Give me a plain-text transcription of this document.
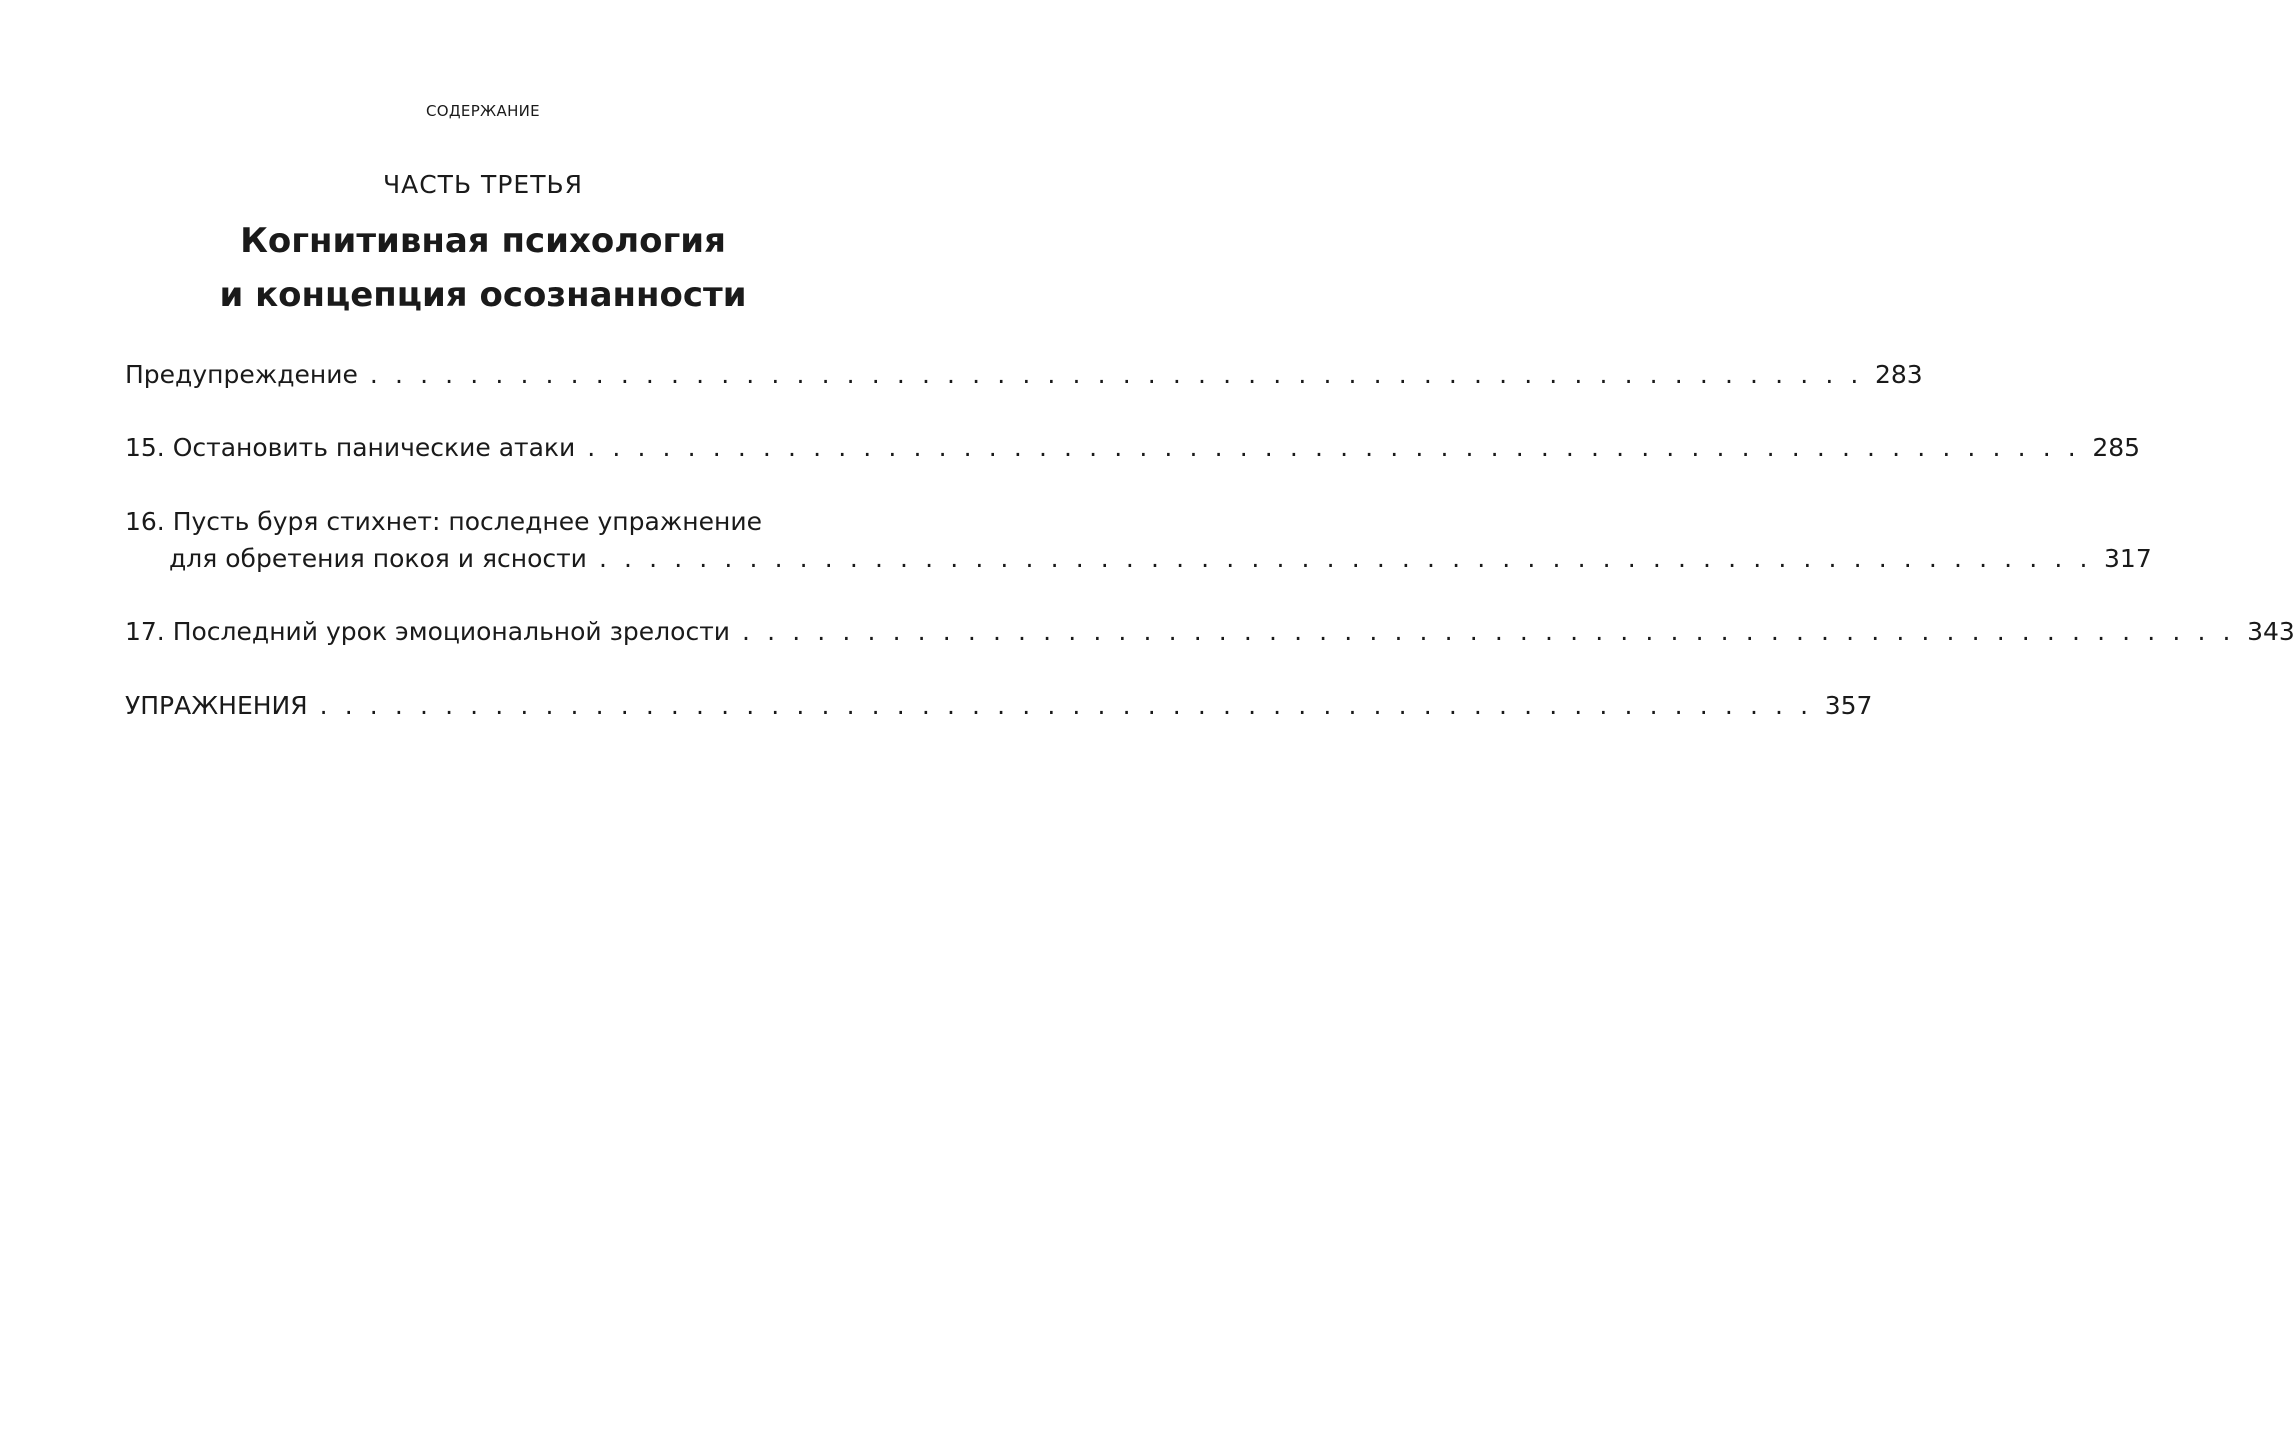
СОДЕРЖАНИЕ
ЧАСТЬ ТРЕТЬЯ
Когнитивная психология
и концепция осознанности
Предупреждение . . . . . . . . . . . . . . . . . . . . . . . . . . . . . . . . . . . . . . . . . . . . . . . . . . . . . . . . . . . . 283
15. Остановить панические атаки . . . . . . . . . . . . . . . . . . . . . . . . . . . . . . . . . . . . . . . . . . . . . . . . . . . . . . . . . . . . 285
16. Пусть буря стихнет: последнее упражнение
для обретения покоя и ясности . . . . . . . . . . . . . . . . . . . . . . . . . . . . . . . . . . . . . . . . . . . . . . . . . . . . . . . . . . . . 317
17. Последний урок эмоциональной зрелости . . . . . . . . . . . . . . . . . . . . . . . . . . . . . . . . . . . . . . . . . . . . . . . . . . . . . . . . . . . . 343
УПРАЖНЕНИЯ . . . . . . . . . . . . . . . . . . . . . . . . . . . . . . . . . . . . . . . . . . . . . . . . . . . . . . . . . . . . 357
